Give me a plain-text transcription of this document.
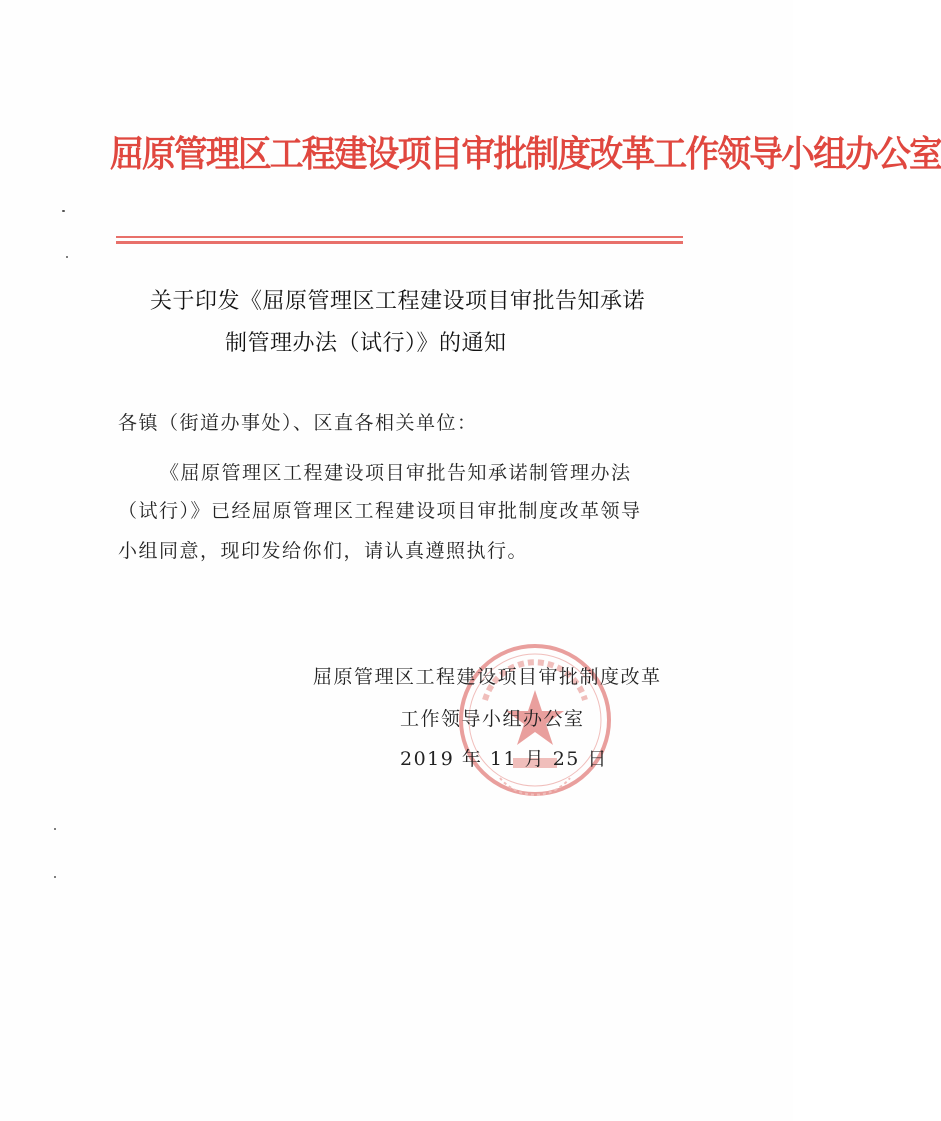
屈原管理区工程建设项目审批制度改革工作领导小组办公室
关于印发《屈原管理区工程建设项目审批告知承诺
制管理办法（试行）》的通知
各镇（街道办事处）、区直各相关单位：
《屈原管理区工程建设项目审批告知承诺制管理办法
（试行）》已经屈原管理区工程建设项目审批制度改革领导
小组同意，现印发给你们，请认真遵照执行。
屈原管理区工程建设项目审批制度改革
工作领导小组办公室
2019 年 11 月 25 日
